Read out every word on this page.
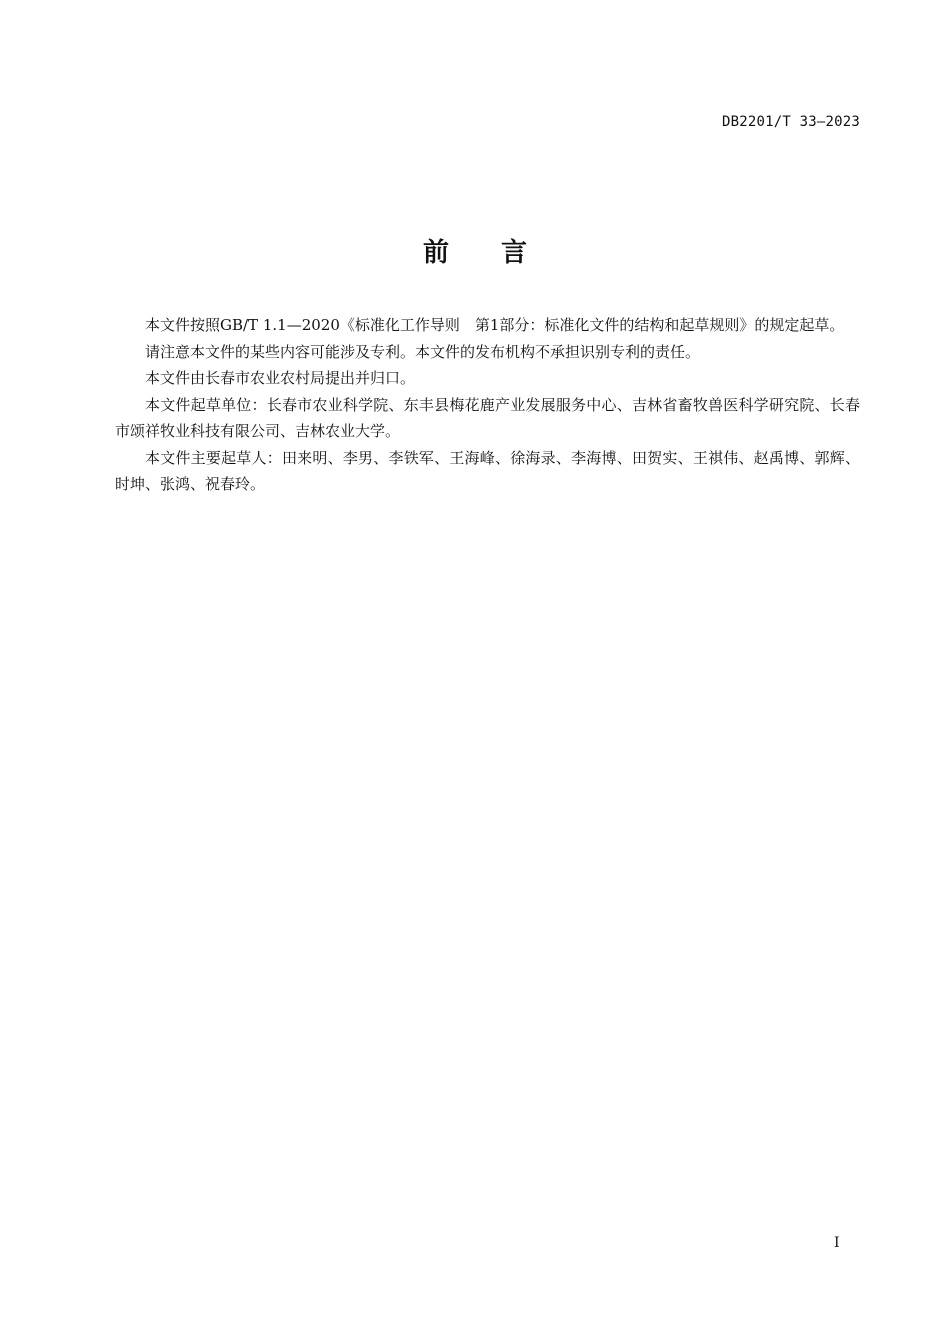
DB2201/T 33—2023
前 言

本文件按照GB/T 1.1—2020《标准化工作导则　第1部分：标准化文件的结构和起草规则》的规定起草。

请注意本文件的某些内容可能涉及专利。本文件的发布机构不承担识别专利的责任。

本文件由长春市农业农村局提出并归口。

本文件起草单位：长春市农业科学院、东丰县梅花鹿产业发展服务中心、吉林省畜牧兽医科学研究院、长春市颂祥牧业科技有限公司、吉林农业大学。

本文件主要起草人：田来明、李男、李铁军、王海峰、徐海录、李海博、田贺实、王祺伟、赵禹博、郭辉、时坤、张鸿、祝春玲。

I
